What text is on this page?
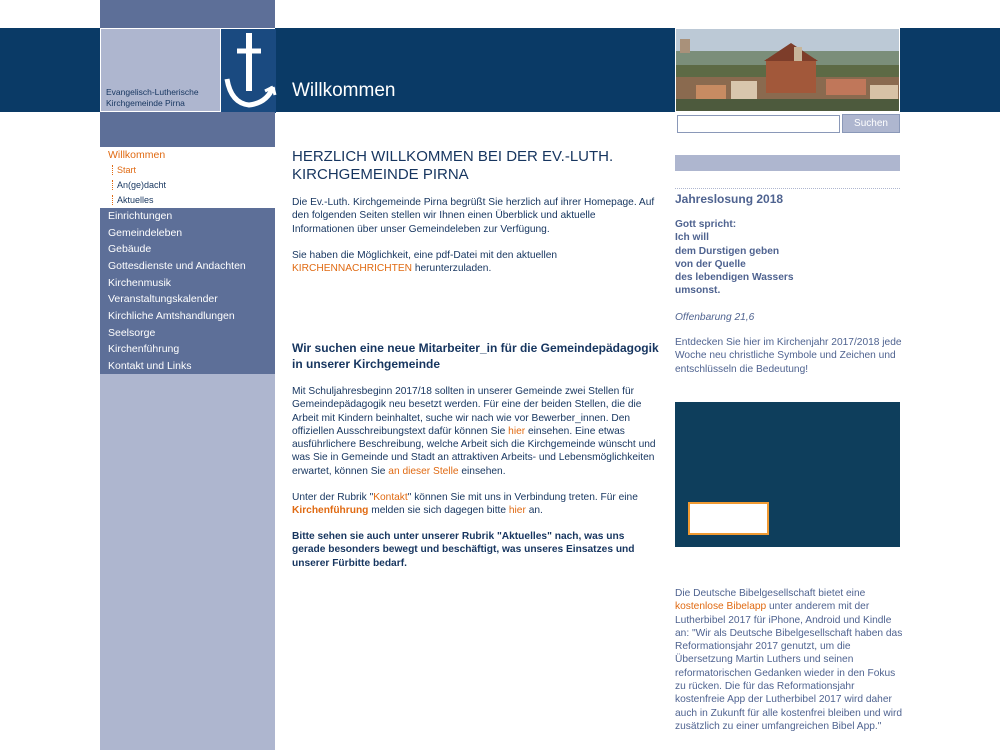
Evangelisch-Lutherische
Kirchgemeinde Pirna
Willkommen
Willkommen
Start
An(ge)dacht
Aktuelles
Einrichtungen
Gemeindeleben
Gebäude
Gottesdienste und Andachten
Kirchenmusik
Veranstaltungskalender
Kirchliche Amtshandlungen
Seelsorge
Kirchenführung
Kontakt und Links
HERZLICH WILLKOMMEN BEI DER EV.-LUTH.
KIRCHGEMEINDE PIRNA
Die Ev.-Luth. Kirchgemeinde Pirna begrüßt Sie herzlich auf ihrer Homepage. Auf den folgenden Seiten stellen wir Ihnen einen Überblick und aktuelle Informationen über unser Gemeindeleben zur Verfügung.
Sie haben die Möglichkeit, eine pdf-Datei mit den aktuellen
KIRCHENNACHRICHTEN herunterzuladen.
Wir suchen eine neue Mitarbeiter_in für die Gemeindepädagogik in unserer Kirchgemeinde
Mit Schuljahresbeginn 2017/18 sollten in unserer Gemeinde zwei Stellen für Gemeindepädagogik neu besetzt werden. Für eine der beiden Stellen, die die Arbeit mit Kindern beinhaltet, suche wir nach wie vor Bewerber_innen. Den offiziellen Ausschreibungstext dafür können Sie hier einsehen. Eine etwas ausführlichere Beschreibung, welche Arbeit sich die Kirchgemeinde wünscht und was Sie in Gemeinde und Stadt an attraktiven Arbeits- und Lebensmöglichkeiten erwartet, können Sie an dieser Stelle einsehen.
Unter der Rubrik "Kontakt" können Sie mit uns in Verbindung treten. Für eine Kirchenführung melden sie sich dagegen bitte hier an.
Bitte sehen sie auch unter unserer Rubrik "Aktuelles" nach, was uns gerade besonders bewegt und beschäftigt, was unseres Einsatzes und unserer Fürbitte bedarf.
Suchen
Jahreslosung 2018
Gott spricht:
Ich will
dem Durstigen geben
von der Quelle
des lebendigen Wassers
umsonst.
Offenbarung 21,6
Entdecken Sie hier im Kirchenjahr 2017/2018 jede Woche neu christliche Symbole und Zeichen und entschlüsseln die Bedeutung!
Die Deutsche Bibelgesellschaft bietet eine kostenlose Bibelapp unter anderem mit der Lutherbibel 2017 für iPhone, Android und Kindle an: "Wir als Deutsche Bibelgesellschaft haben das Reformationsjahr 2017 genutzt, um die Übersetzung Martin Luthers und seinen reformatorischen Gedanken wieder in den Fokus zu rücken. Die für das Reformationsjahr kostenfreie App der Lutherbibel 2017 wird daher auch in Zukunft für alle kostenfrei bleiben und wird zusätzlich zu einer umfangreichen Bibel App."
